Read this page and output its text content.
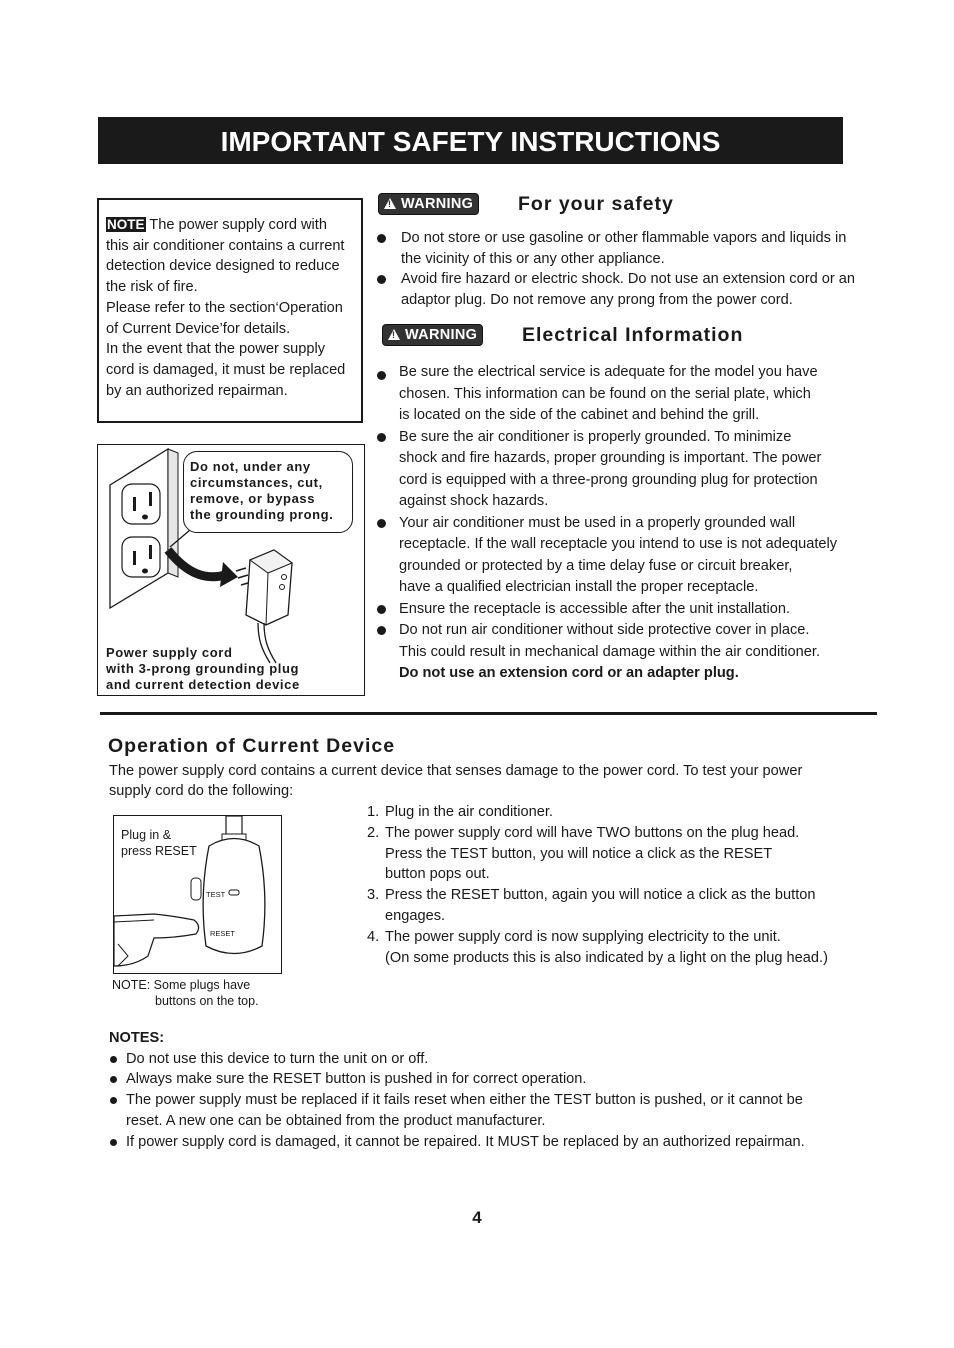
IMPORTANT SAFETY INSTRUCTIONS
NOTE The power supply cord with
this air conditioner contains a current
detection device designed to reduce
the risk of fire.
Please refer to the section‘Operation
of Current Device’for details.
In the event that the power supply
cord is damaged, it must be replaced
by an authorized repairman.
!WARNING	For your safety
Do not store or use gasoline or other flammable vapors and liquids in
the vicinity of this or any other appliance.
Avoid fire hazard or electric shock. Do not use an extension cord or an
adaptor plug. Do not remove any prong from the power cord.
!WARNING	Electrical Information
Be sure the electrical service is adequate for the model you have
chosen. This information can be found on the serial plate, which
is located on the side of the cabinet and behind the grill.
Be sure the air conditioner is properly grounded. To minimize
shock and fire hazards, proper grounding is important. The power
cord is equipped with a three-prong grounding plug for protection
against shock hazards.
Your air conditioner must be used in a properly grounded wall
receptacle. If the wall receptacle you intend to use is not adequately
grounded or protected by a time delay fuse or circuit breaker,
have a qualified electrician install the proper receptacle.
Ensure the receptacle is accessible after the unit installation.
Do not run air conditioner without side protective cover in place.
This could result in mechanical damage within the air conditioner.
Do not use an extension cord or an adapter plug.
Do not, under any
circumstances, cut,
remove, or bypass
the grounding prong.
Power supply cord
with 3-prong grounding plug
and current detection device
Operation of Current Device
The power supply cord contains a current device that senses damage to the power cord. To test your power
supply cord do the following:
Plug in &
press RESET
TEST
RESET
NOTE: Some plugs have
buttons on the top.
1. Plug in the air conditioner.
2. The power supply cord will have TWO buttons on the plug head.
Press the TEST button, you will notice a click as the RESET
button pops out.
3. Press the RESET button, again you will notice a click as the button
engages.
4. The power supply cord is now supplying electricity to the unit.
(On some products this is also indicated by a light on the plug head.)
NOTES:
Do not use this device to turn the unit on or off.
Always make sure the RESET button is pushed in for correct operation.
The power supply must be replaced if it fails reset when either the TEST button is pushed, or it cannot be
reset. A new one can be obtained from the product manufacturer.
If power supply cord is damaged, it cannot be repaired. It MUST be replaced by an authorized repairman.
4
